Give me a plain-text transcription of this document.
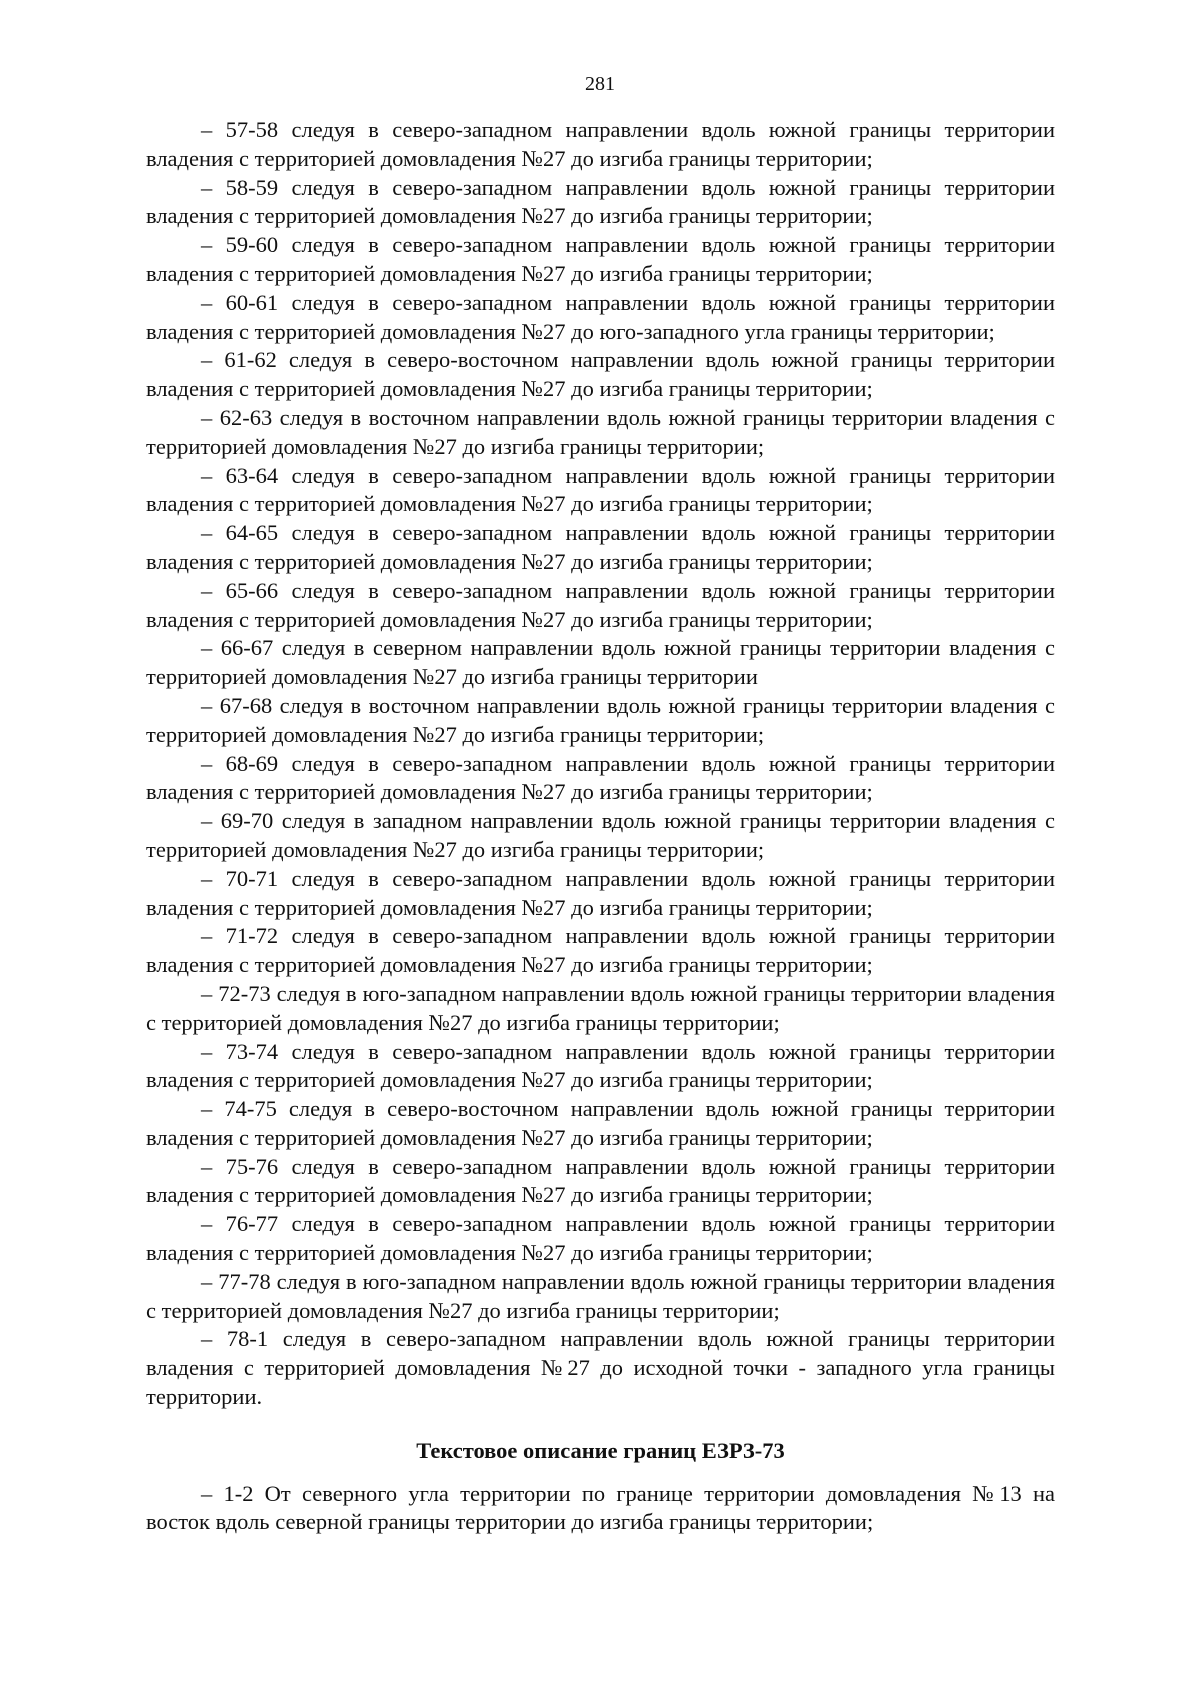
281

– 57-58 следуя в северо-западном направлении вдоль южной границы территории владения с территорией домовладения №27 до изгиба границы территории;

– 58-59 следуя в северо-западном направлении вдоль южной границы территории владения с территорией домовладения №27 до изгиба границы территории;

– 59-60 следуя в северо-западном направлении вдоль южной границы территории владения с территорией домовладения №27 до изгиба границы территории;

– 60-61 следуя в северо-западном направлении вдоль южной границы территории владения с территорией домовладения №27 до юго-западного угла границы территории;

– 61-62 следуя в северо-восточном направлении вдоль южной границы территории владения с территорией домовладения №27 до изгиба границы территории;

– 62-63 следуя в восточном направлении вдоль южной границы территории владения с территорией домовладения №27 до изгиба границы территории;

– 63-64 следуя в северо-западном направлении вдоль южной границы территории владения с территорией домовладения №27 до изгиба границы территории;

– 64-65 следуя в северо-западном направлении вдоль южной границы территории владения с территорией домовладения №27 до изгиба границы территории;

– 65-66 следуя в северо-западном направлении вдоль южной границы территории владения с территорией домовладения №27 до изгиба границы территории;

– 66-67 следуя в северном направлении вдоль южной границы территории владения с территорией домовладения №27 до изгиба границы территории

– 67-68 следуя в восточном направлении вдоль южной границы территории владения с территорией домовладения №27 до изгиба границы территории;

– 68-69 следуя в северо-западном направлении вдоль южной границы территории владения с территорией домовладения №27 до изгиба границы территории;

– 69-70 следуя в западном направлении вдоль южной границы территории владения с территорией домовладения №27 до изгиба границы территории;

– 70-71 следуя в северо-западном направлении вдоль южной границы территории владения с территорией домовладения №27 до изгиба границы территории;

– 71-72 следуя в северо-западном направлении вдоль южной границы территории владения с территорией домовладения №27 до изгиба границы территории;

– 72-73 следуя в юго-западном направлении вдоль южной границы территории владения с территорией домовладения №27 до изгиба границы территории;

– 73-74 следуя в северо-западном направлении вдоль южной границы территории владения с территорией домовладения №27 до изгиба границы территории;

– 74-75 следуя в северо-восточном направлении вдоль южной границы территории владения с территорией домовладения №27 до изгиба границы территории;

– 75-76 следуя в северо-западном направлении вдоль южной границы территории владения с территорией домовладения №27 до изгиба границы территории;

– 76-77 следуя в северо-западном направлении вдоль южной границы территории владения с территорией домовладения №27 до изгиба границы территории;

– 77-78 следуя в юго-западном направлении вдоль южной границы территории владения с территорией домовладения №27 до изгиба границы территории;

– 78-1 следуя в северо-западном направлении вдоль южной границы территории владения с территорией домовладения №27 до исходной точки - западного угла границы территории.

Текстовое описание границ ЕЗРЗ-73

– 1-2 От северного угла территории по границе территории домовладения №13 на восток вдоль северной границы территории до изгиба границы территории;
